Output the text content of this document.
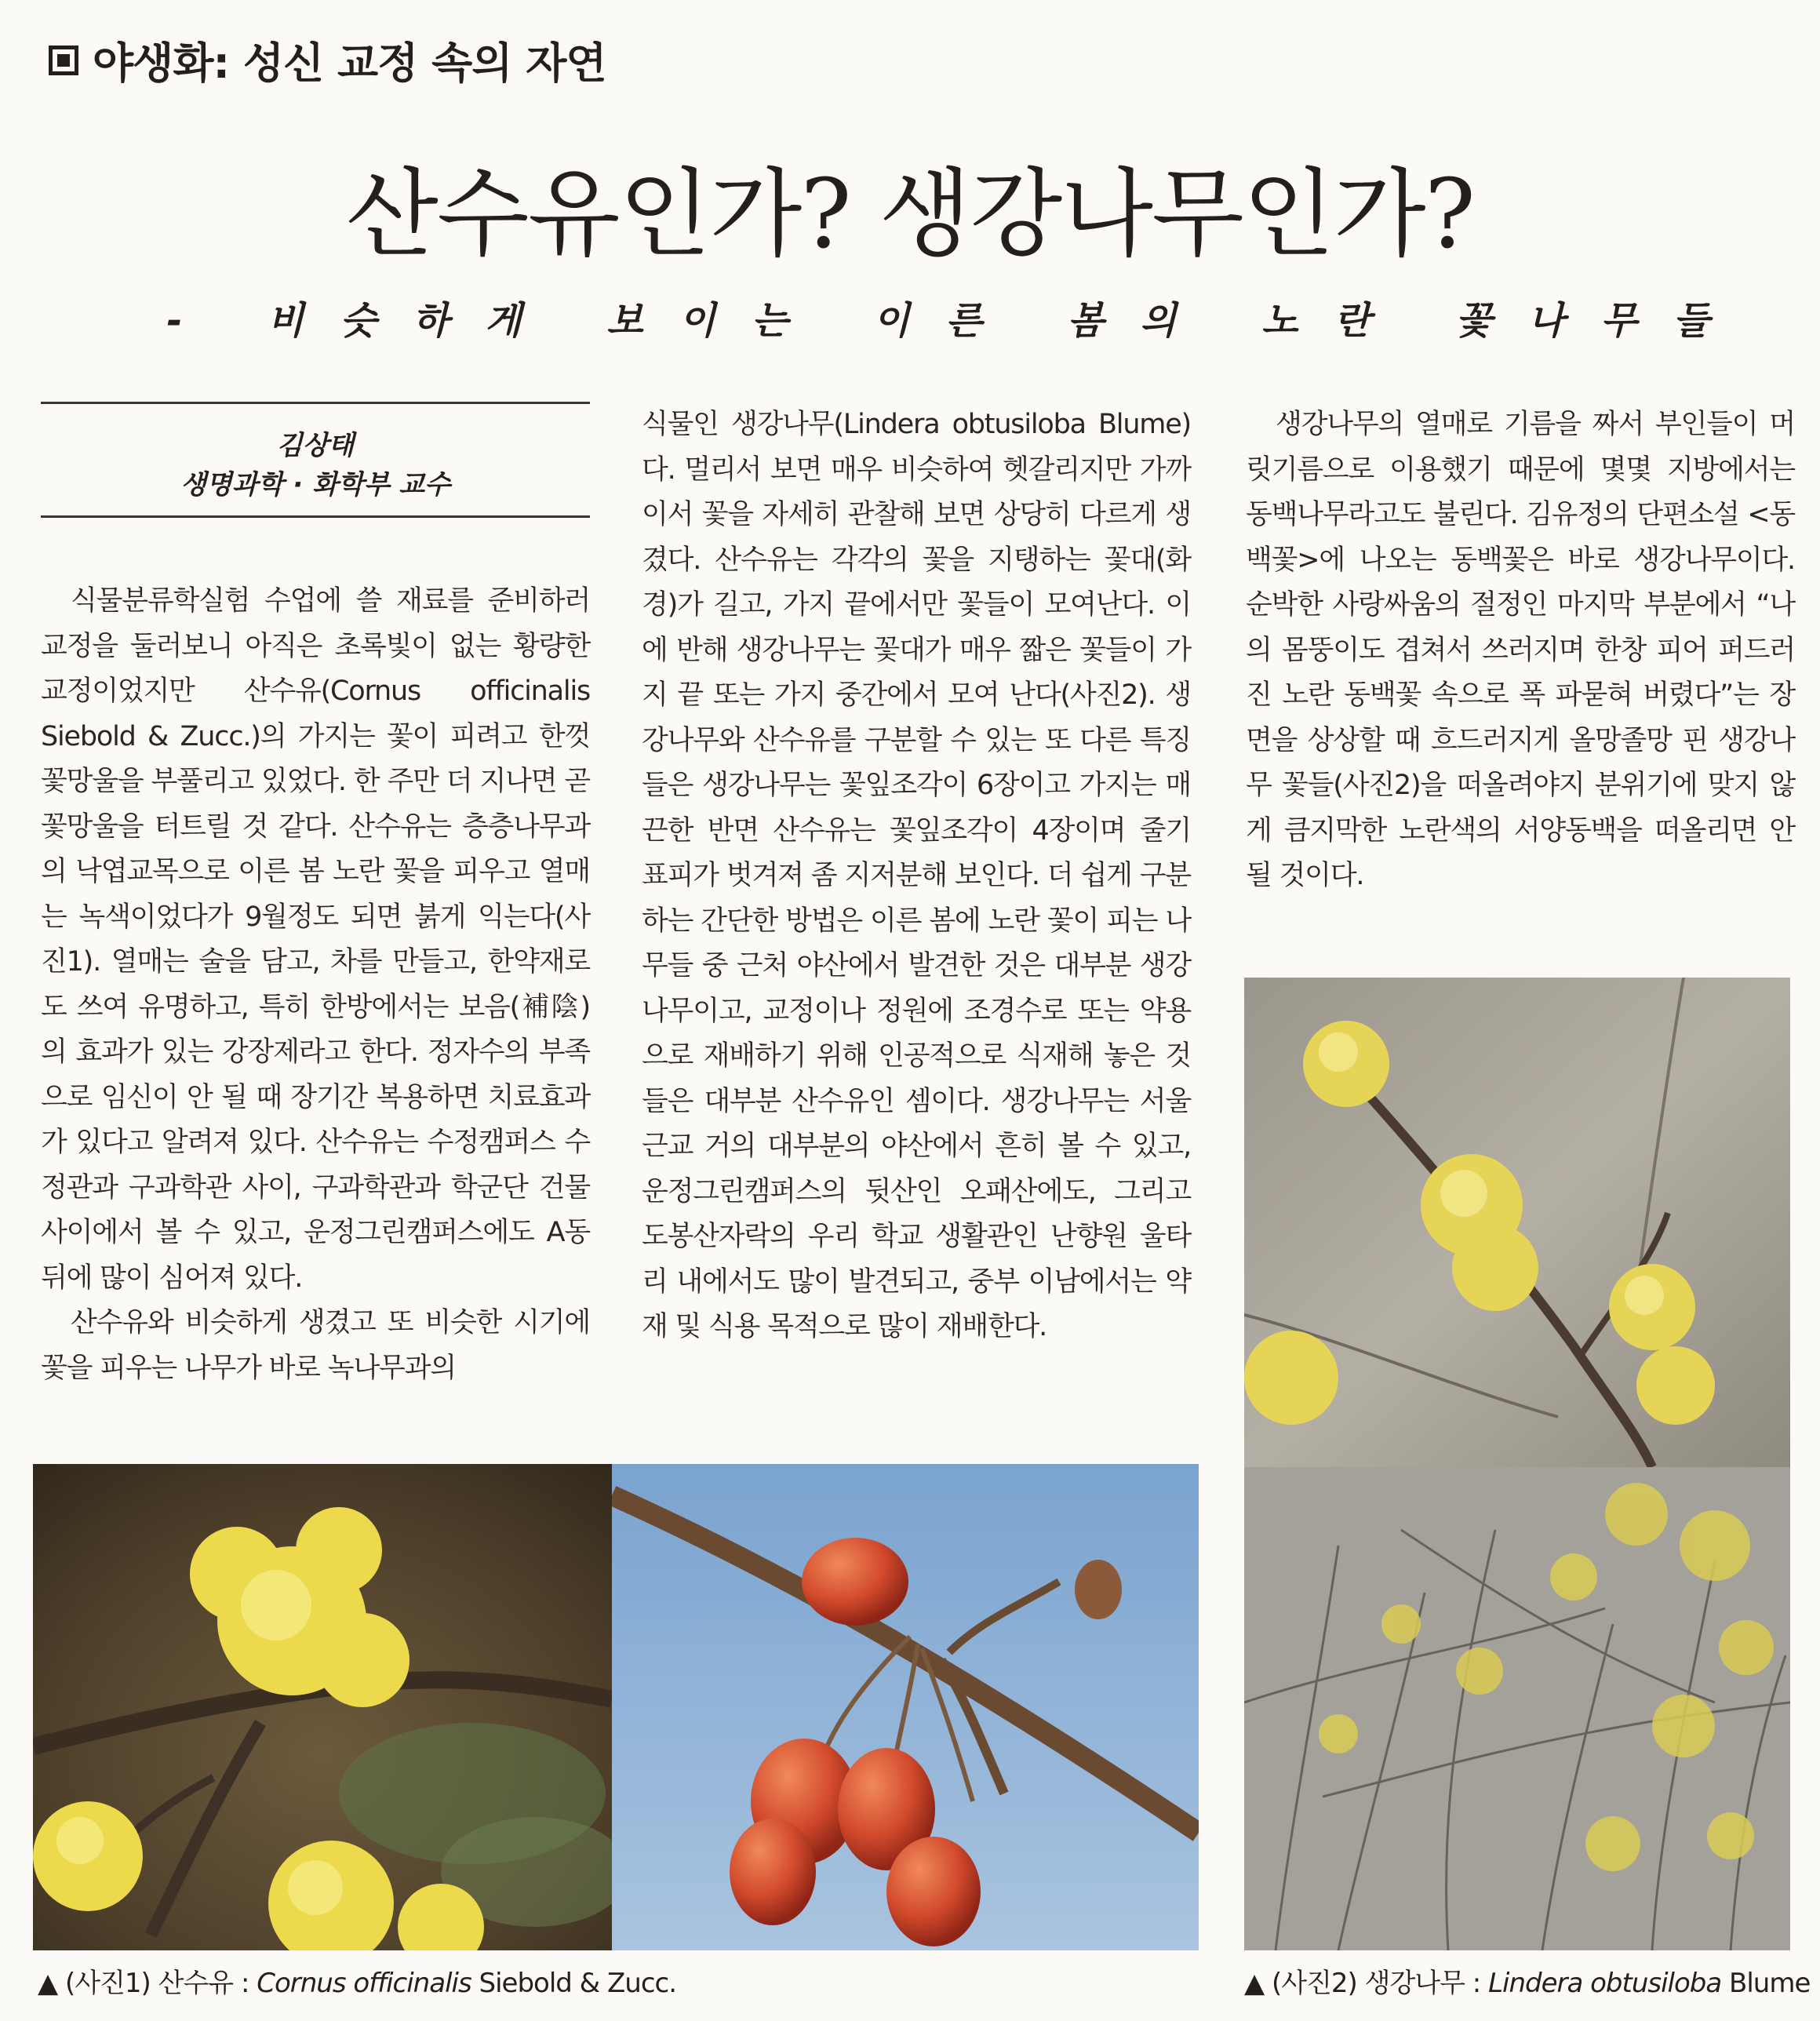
야생화: 성신 교정 속의 자연
산수유인가? 생강나무인가?
- 비슷하게 보이는 이른 봄의 노란 꽃나무들
김상태
생명과학 · 화학부 교수

식물분류학실험 수업에 쓸 재료를 준비하러 교정을 둘러보니 아직은 초록빛이 없는 황량한 교정이었지만 산수유(Cornus officinalis Siebold & Zucc.)의 가지는 꽃이 피려고 한껏 꽃망울을 부풀리고 있었다. 한 주만 더 지나면 곧 꽃망울을 터트릴 것 같다. 산수유는 층층나무과의 낙엽교목으로 이른 봄 노란 꽃을 피우고 열매는 녹색이었다가 9월정도 되면 붉게 익는다(사진1). 열매는 술을 담고, 차를 만들고, 한약재로도 쓰여 유명하고, 특히 한방에서는 보음(補陰)의 효과가 있는 강장제라고 한다. 정자수의 부족으로 임신이 안 될 때 장기간 복용하면 치료효과가 있다고 알려져 있다. 산수유는 수정캠퍼스 수정관과 구과학관 사이, 구과학관과 학군단 건물 사이에서 볼 수 있고, 운정그린캠퍼스에도 A동 뒤에 많이 심어져 있다.

산수유와 비슷하게 생겼고 또 비슷한 시기에 꽃을 피우는 나무가 바로 녹나무과의

식물인 생강나무(Lindera obtusiloba Blume)다. 멀리서 보면 매우 비슷하여 헷갈리지만 가까이서 꽃을 자세히 관찰해 보면 상당히 다르게 생겼다. 산수유는 각각의 꽃을 지탱하는 꽃대(화경)가 길고, 가지 끝에서만 꽃들이 모여난다. 이에 반해 생강나무는 꽃대가 매우 짧은 꽃들이 가지 끝 또는 가지 중간에서 모여 난다(사진2). 생강나무와 산수유를 구분할 수 있는 또 다른 특징들은 생강나무는 꽃잎조각이 6장이고 가지는 매끈한 반면 산수유는 꽃잎조각이 4장이며 줄기 표피가 벗겨져 좀 지저분해 보인다. 더 쉽게 구분하는 간단한 방법은 이른 봄에 노란 꽃이 피는 나무들 중 근처 야산에서 발견한 것은 대부분 생강나무이고, 교정이나 정원에 조경수로 또는 약용으로 재배하기 위해 인공적으로 식재해 놓은 것들은 대부분 산수유인 셈이다. 생강나무는 서울 근교 거의 대부분의 야산에서 흔히 볼 수 있고, 운정그린캠퍼스의 뒷산인 오패산에도, 그리고 도봉산자락의 우리 학교 생활관인 난향원 울타리 내에서도 많이 발견되고, 중부 이남에서는 약재 및 식용 목적으로 많이 재배한다.

생강나무의 열매로 기름을 짜서 부인들이 머릿기름으로 이용했기 때문에 몇몇 지방에서는 동백나무라고도 불린다. 김유정의 단편소설 <동백꽃>에 나오는 동백꽃은 바로 생강나무이다. 순박한 사랑싸움의 절정인 마지막 부분에서 “나의 몸뚱이도 겹쳐서 쓰러지며 한창 피어 퍼드러진 노란 동백꽃 속으로 폭 파묻혀 버렸다”는 장면을 상상할 때 흐드러지게 올망졸망 핀 생강나무 꽃들(사진2)을 떠올려야지 분위기에 맞지 않게 큼지막한 노란색의 서양동백을 떠올리면 안 될 것이다.

▲ (사진1) 산수유 : Cornus officinalis Siebold & Zucc.	▲ (사진2) 생강나무 : Lindera obtusiloba Blume
